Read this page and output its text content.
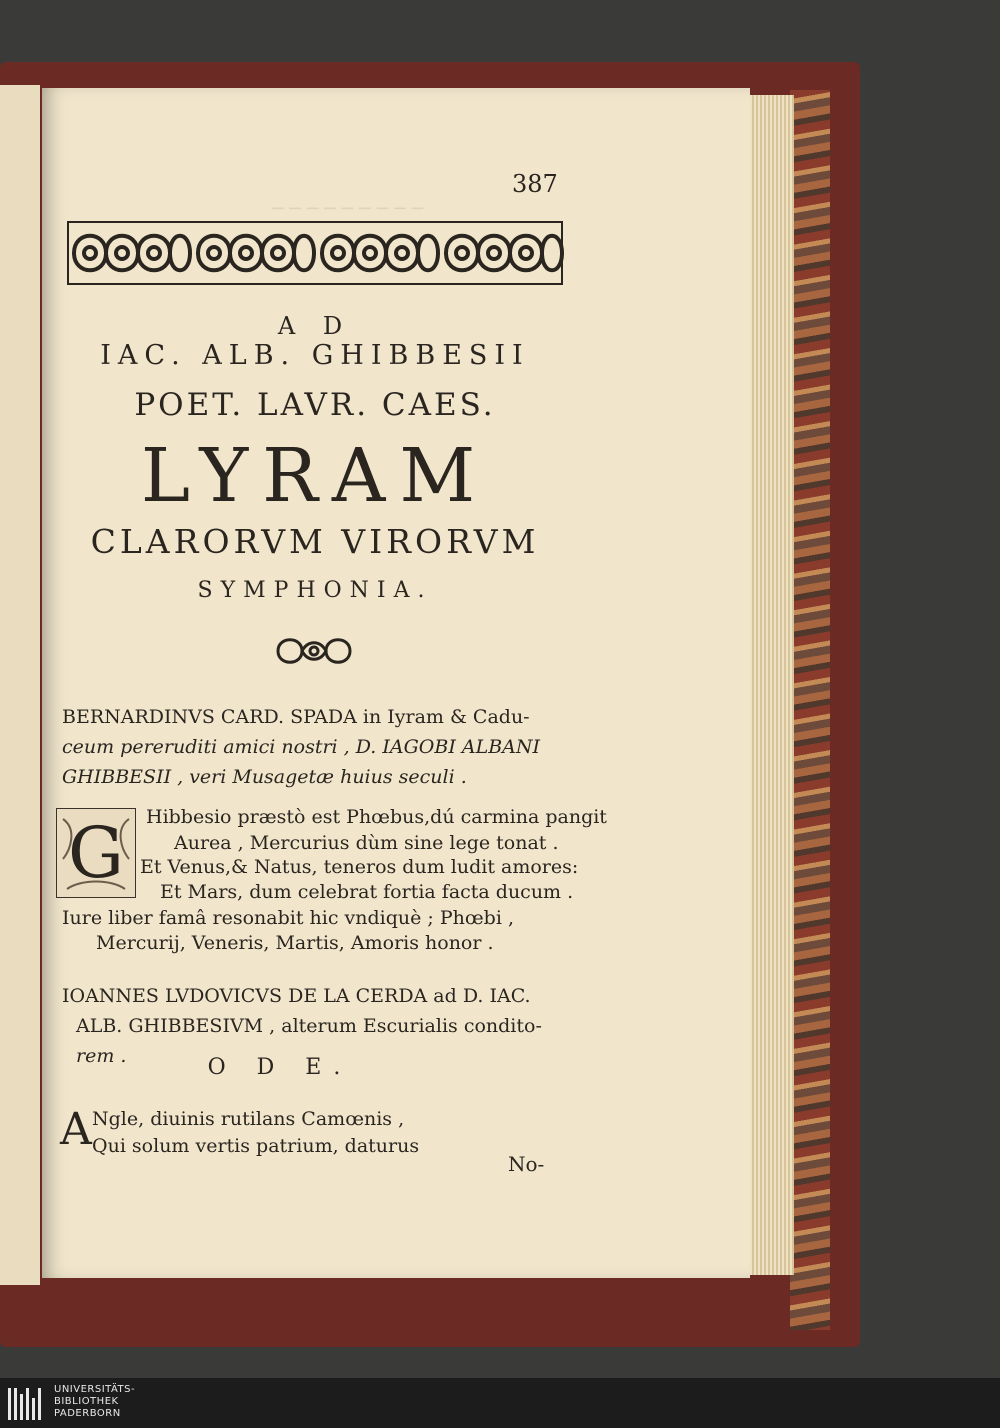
─ ─ ─ ─ ─ ─ ─ ─ ─
387
A D
IAC. ALB. GHIBBESII
POET. LAVR. CAES.
LYRAM
CLARORVM VIRORVM
SYMPHONIA.
BERNARDINVS CARD. SPADA in Iyram & Cadu-
ceum pereruditi amici nostri , D. IAGOBI ALBANI
GHIBBESII , veri Musagetæ huius seculi .
G	Hibbesio præstò est Phœbus,dú carmina pangit
Aurea , Mercurius dùm sine lege tonat .
Et Venus,& Natus, teneros dum ludit amores:
Et Mars, dum celebrat fortia facta ducum .
Iure liber famâ resonabit hic vndiquè ; Phœbi ,
Mercurij, Veneris, Martis, Amoris honor .
IOANNES LVDOVICVS DE LA CERDA ad D. IAC.
ALB. GHIBBESIVM , alterum Escurialis condito-
rem .	O D E.
A Ngle, diuinis rutilans Camœnis ,
Qui solum vertis patrium, daturus
No-
UNIVERSITÄTS-
BIBLIOTHEK
PADERBORN
